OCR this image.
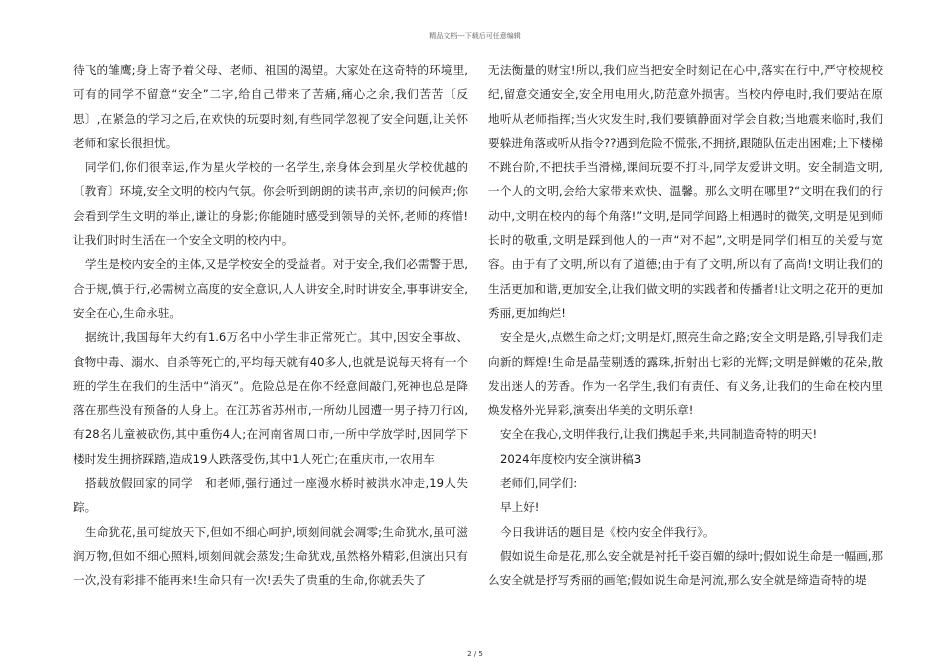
精品文档---下载后可任意编辑

待飞的雏鹰;身上寄予着父母、老师、祖国的渴望。大家处在这奇特的环境里,可有的同学不留意“安全”二字,给自己带来了苦痛,痛心之余,我们苦苦〔反思〕,在紧急的学习之后,在欢快的玩耍时刻,有些同学忽视了安全问题,让关怀老师和家长很担忧。

同学们,你们很幸运,作为星火学校的一名学生,亲身体会到星火学校优越的〔教育〕环境,安全文明的校内气氛。你会听到朗朗的读书声,亲切的问候声;你会看到学生文明的举止,谦让的身影;你能随时感受到领导的关怀,老师的疼惜!让我们时时生活在一个安全文明的校内中。

学生是校内安全的主体,又是学校安全的受益者。对于安全,我们必需警于思,合于规,慎于行,必需树立高度的安全意识,人人讲安全,时时讲安全,事事讲安全,安全在心,生命永驻。

据统计,我国每年大约有1.6万名中小学生非正常死亡。其中,因安全事故、食物中毒、溺水、自杀等死亡的,平均每天就有40多人,也就是说每天将有一个班的学生在我们的生活中“消灭”。危险总是在你不经意间敲门,死神也总是降落在那些没有预备的人身上。在江苏省苏州市,一所幼儿园遭一男子持刀行凶,有28名儿童被砍伤,其中重伤4人;在河南省周口市,一所中学放学时,因同学下楼时发生拥挤踩踏,造成19人跌落受伤,其中1人死亡;在重庆市,一农用车

搭载放假回家的同学　和老师,强行通过一座漫水桥时被洪水冲走,19人失踪。

生命犹花,虽可绽放天下,但如不细心呵护,顷刻间就会凋零;生命犹水,虽可滋润万物,但如不细心照料,顷刻间就会蒸发;生命犹戏,虽然格外精彩,但演出只有一次,没有彩排不能再来!生命只有一次!丢失了贵重的生命,你就丢失了

无法衡量的财宝!所以,我们应当把安全时刻记在心中,落实在行中,严守校规校纪,留意交通安全,安全用电用火,防范意外损害。当校内停电时,我们要站在原地听从老师指挥;当火灾发生时,我们要镇静面对学会自救;当地震来临时,我们要躲进角落或听从指令??遇到危险不慌张,不拥挤,跟随队伍走出困难;上下楼梯不跳台阶,不把扶手当滑梯,课间玩耍不打斗,同学友爱讲文明。安全制造文明,一个人的文明,会给大家带来欢快、温馨。那么文明在哪里?“文明在我们的行动中,文明在校内的每个角落!”文明,是同学间路上相遇时的微笑,文明是见到师长时的敬重,文明是踩到他人的一声“对不起”,文明是同学们相互的关爱与宽容。由于有了文明,所以有了道德;由于有了文明,所以有了高尚!文明让我们的生活更加和谐,更加安全,让我们做文明的实践者和传播者!让文明之花开的更加秀丽,更加绚烂!

安全是火,点燃生命之灯;文明是灯,照亮生命之路;安全文明是路,引导我们走向新的辉煌!生命是晶莹剔透的露珠,折射出七彩的光辉;文明是鲜嫩的花朵,散发出迷人的芳香。作为一名学生,我们有责任、有义务,让我们的生命在校内里焕发格外光异彩,演奏出华美的文明乐章!

安全在我心,文明伴我行,让我们携起手来,共同制造奇特的明天!

2024年度校内安全演讲稿3

老师们,同学们:

早上好!

今日我讲话的题目是《校内安全伴我行》。

假如说生命是花,那么安全就是衬托千姿百媚的绿叶;假如说生命是一幅画,那么安全就是抒写秀丽的画笔;假如说生命是河流,那么安全就是缔造奇特的堤

2 / 5
